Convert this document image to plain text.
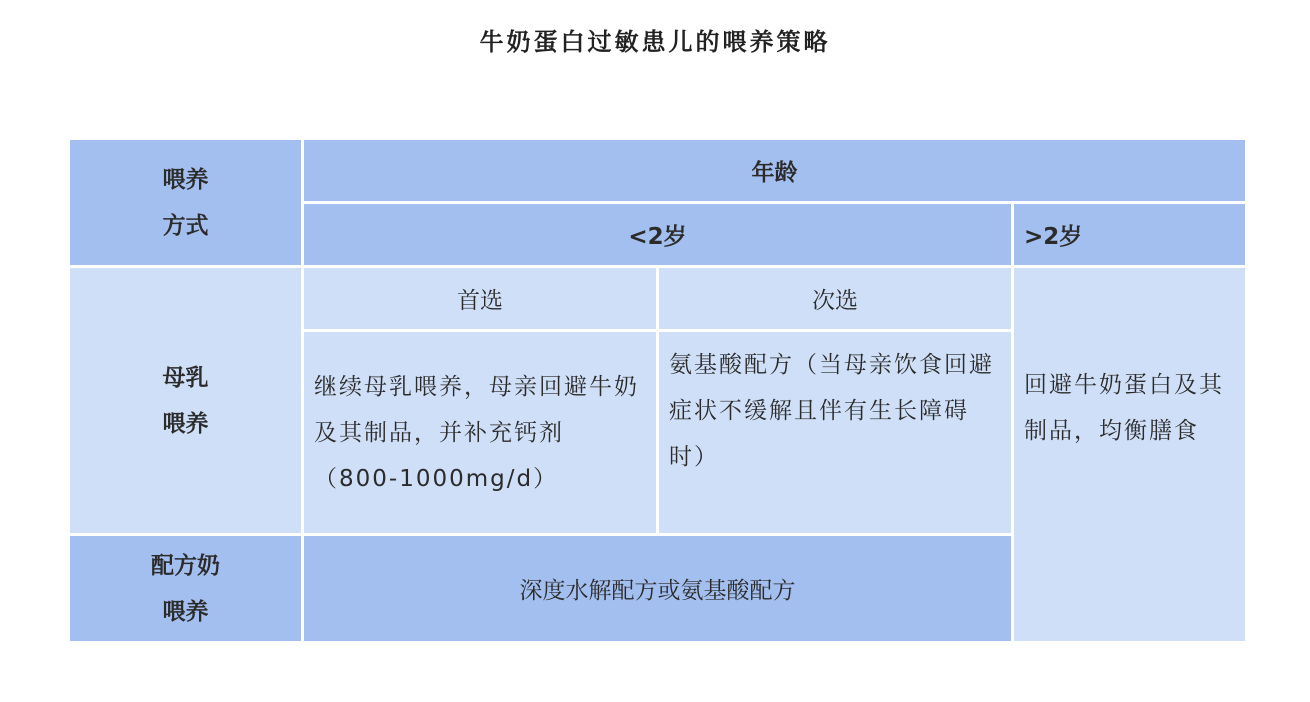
牛奶蛋白过敏患儿的喂养策略
喂养
方式	年龄		
	<2岁		>2岁

母乳
喂养	首选	次选	回避牛奶蛋白及其制品，均衡膳食

	继续母乳喂养，母亲回避牛奶及其制品，并补充钙剂（800-1000mg/d）	氨基酸配方（当母亲饮食回避症状不缓解且伴有生长障碍时）	

配方奶
喂养	深度水解配方或氨基酸配方		
